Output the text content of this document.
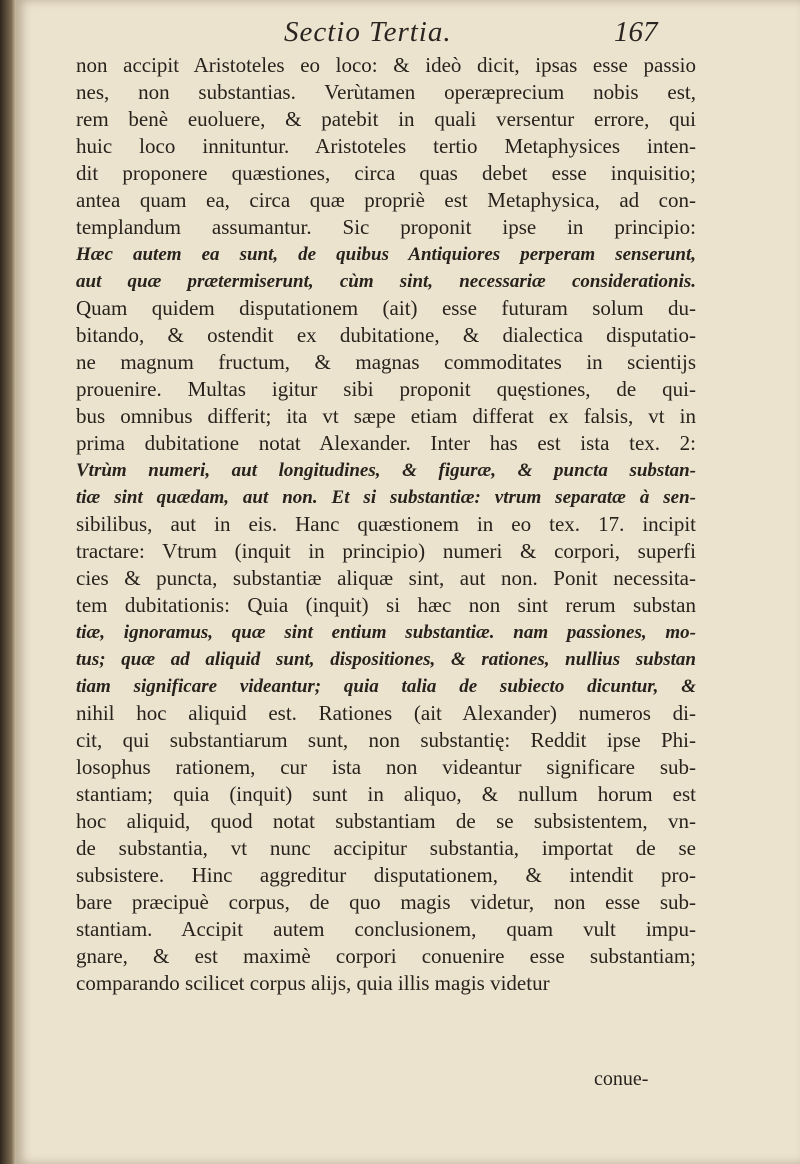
Sectio Tertia.	167
non accipit Aristoteles eo loco: & ideò dicit, ipsas esse passio
nes, non substantias. Verùtamen operæprecium nobis est,
rem benè euoluere, & patebit in quali versentur errore, qui
huic loco innituntur. Aristoteles tertio Metaphysices inten-
dit proponere quæstiones, circa quas debet esse inquisitio;
antea quam ea, circa quæ propriè est Metaphysica, ad con-
templandum assumantur. Sic proponit ipse in principio:
Hæc autem ea sunt, de quibus Antiquiores perperam senserunt,
aut quæ prætermiserunt, cùm sint, necessariæ considerationis.
Quam quidem disputationem (ait) esse futuram solum du-
bitando, & ostendit ex dubitatione, & dialectica disputatio-
ne magnum fructum, & magnas commoditates in scientijs
prouenire. Multas igitur sibi proponit quęstiones, de qui-
bus omnibus differit; ita vt sæpe etiam differat ex falsis, vt in
prima dubitatione notat Alexander. Inter has est ista tex. 2:
Vtrùm numeri, aut longitudines, & figuræ, & puncta substan-
tiæ sint quædam, aut non. Et si substantiæ: vtrum separatæ à sen-
sibilibus, aut in eis. Hanc quæstionem in eo tex. 17. incipit
tractare: Vtrum (inquit in principio) numeri & corpori, superfi
cies & puncta, substantiæ aliquæ sint, aut non. Ponit necessita-
tem dubitationis: Quia (inquit) si hæc non sint rerum substan
tiæ, ignoramus, quæ sint entium substantiæ. nam passiones, mo-
tus; quæ ad aliquid sunt, dispositiones, & rationes, nullius substan
tiam significare videantur; quia talia de subiecto dicuntur, &
nihil hoc aliquid est. Rationes (ait Alexander) numeros di-
cit, qui substantiarum sunt, non substantię: Reddit ipse Phi-
losophus rationem, cur ista non videantur significare sub-
stantiam; quia (inquit) sunt in aliquo, & nullum horum est
hoc aliquid, quod notat substantiam de se subsistentem, vn-
de substantia, vt nunc accipitur substantia, importat de se
subsistere. Hinc aggreditur disputationem, & intendit pro-
bare præcipuè corpus, de quo magis videtur, non esse sub-
stantiam. Accipit autem conclusionem, quam vult impu-
gnare, & est maximè corpori conuenire esse substantiam;
comparando scilicet corpus alijs, quia illis magis videtur
conue-
